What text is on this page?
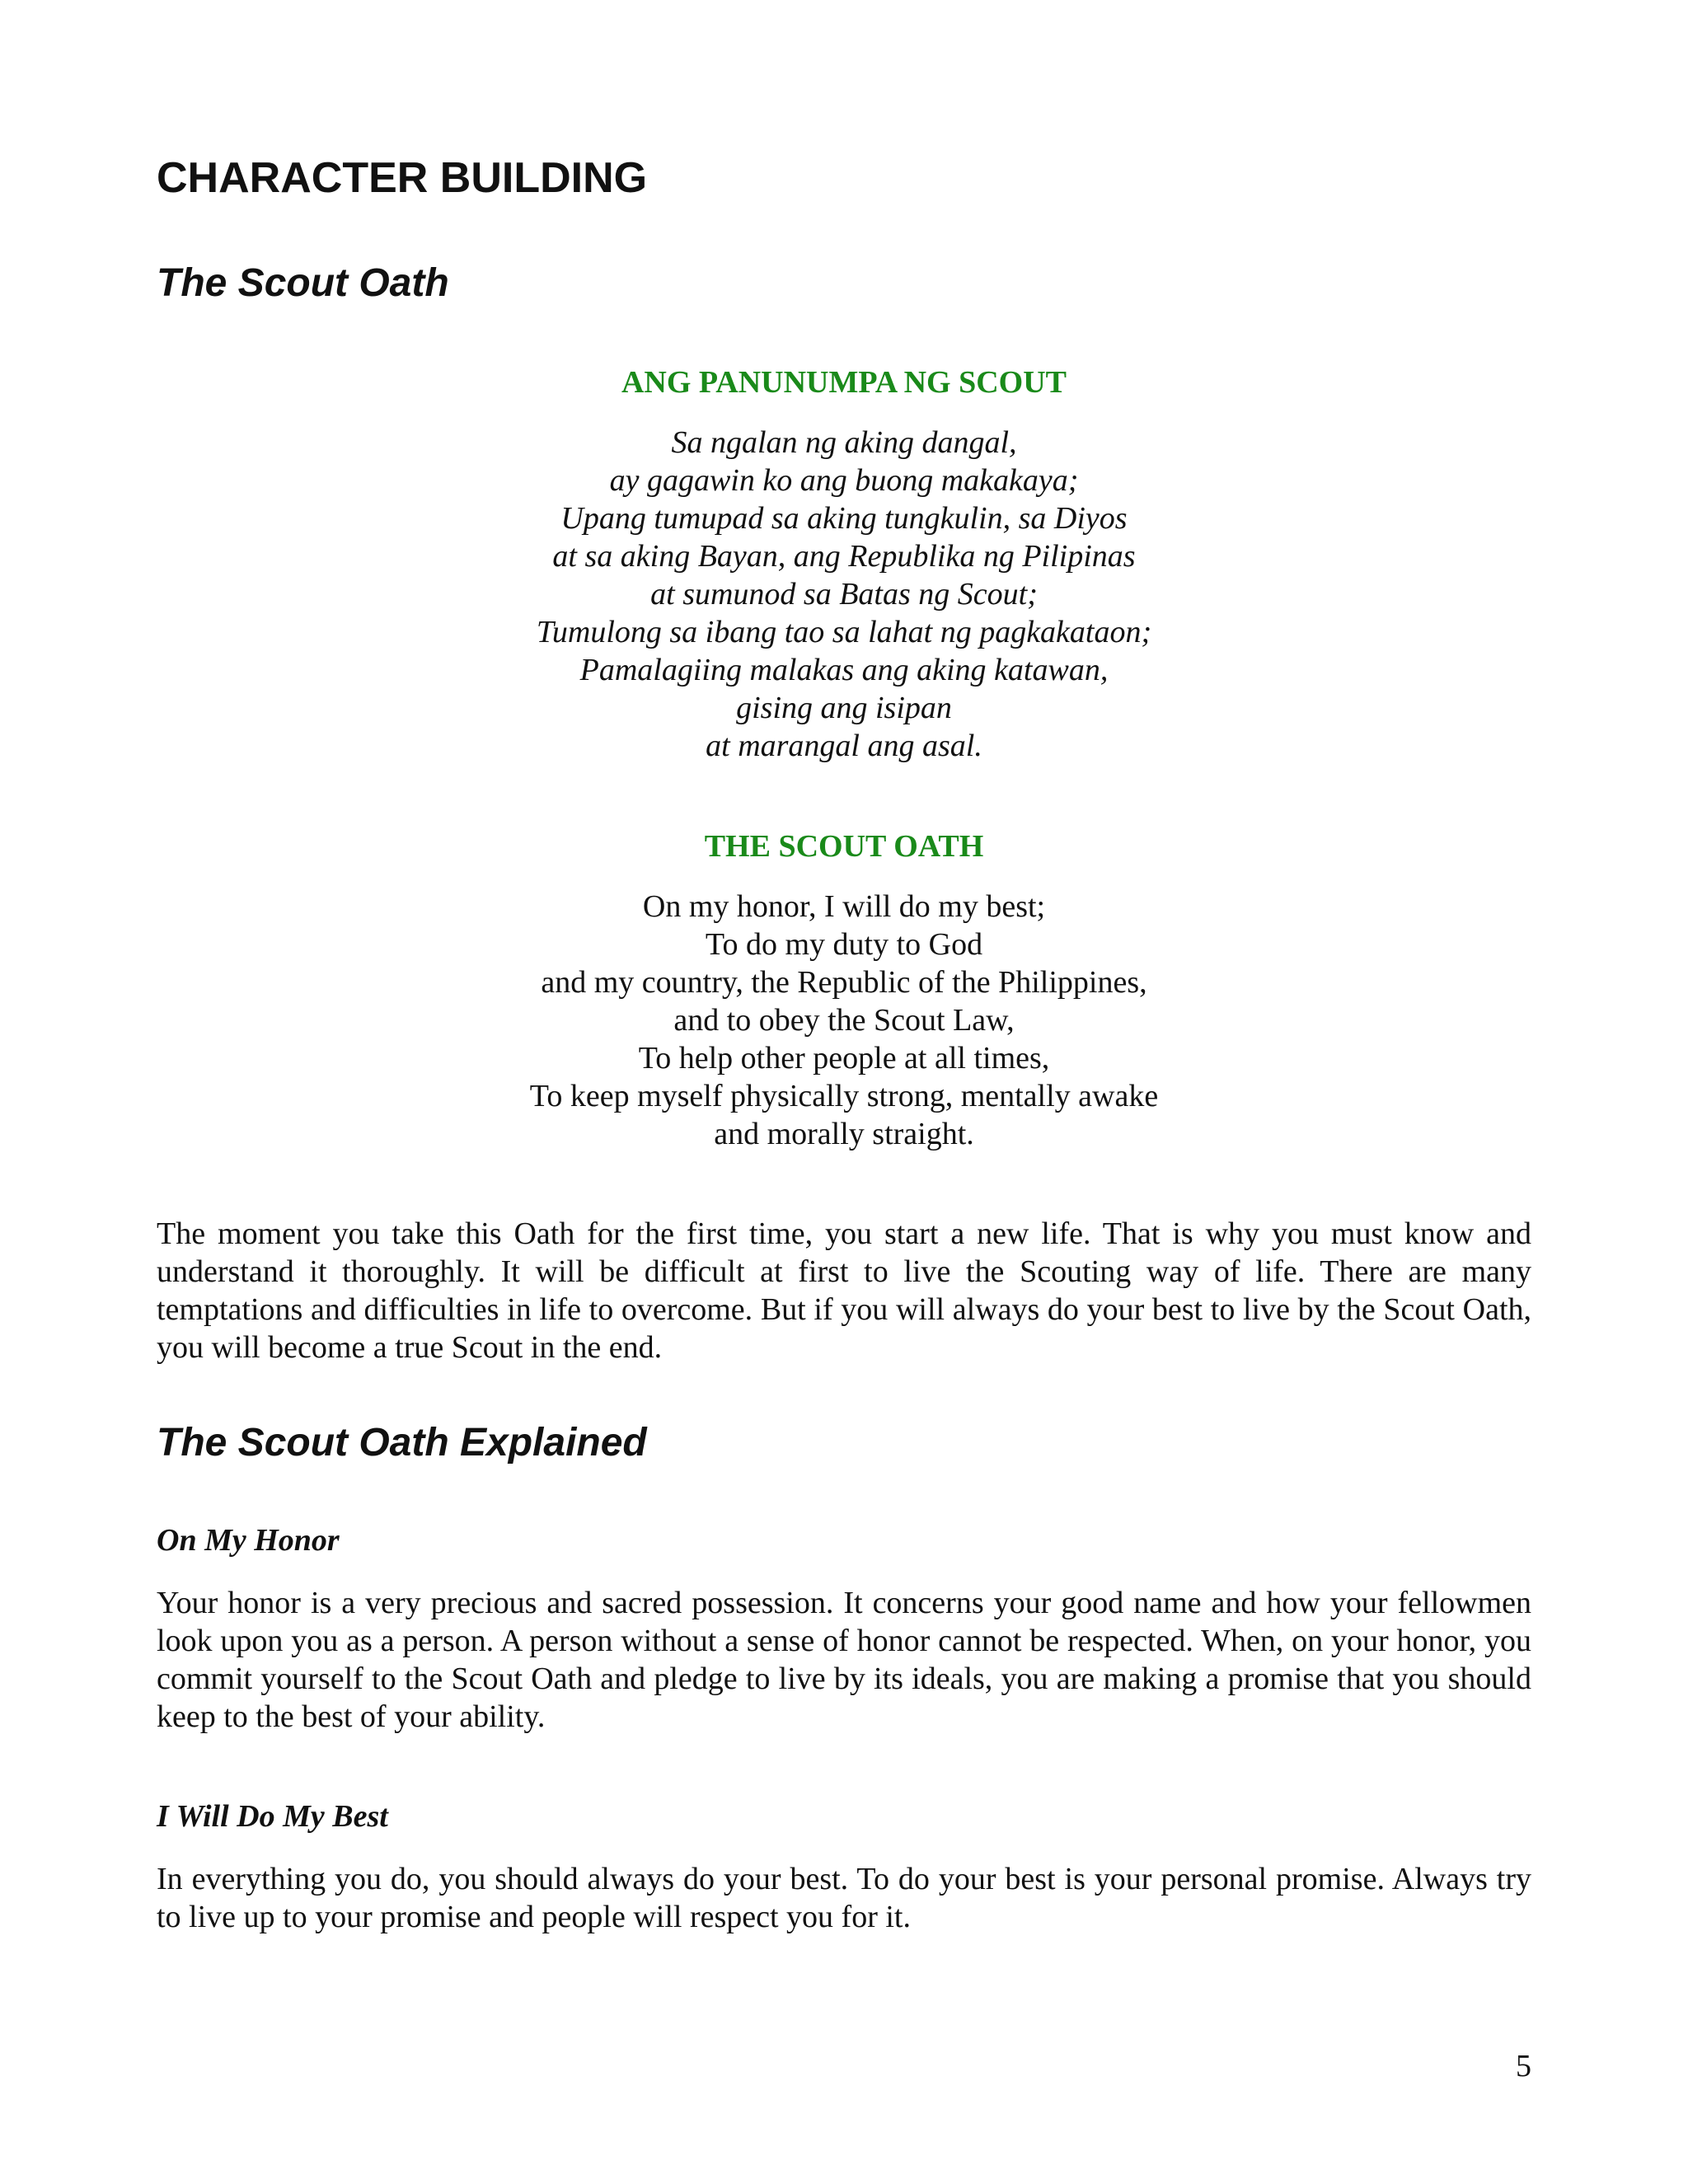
CHARACTER BUILDING
The Scout Oath
ANG PANUNUMPA NG SCOUT
Sa ngalan ng aking dangal,
ay gagawin ko ang buong makakaya;
Upang tumupad sa aking tungkulin, sa Diyos
at sa aking Bayan, ang Republika ng Pilipinas
at sumunod sa Batas ng Scout;
Tumulong sa ibang tao sa lahat ng pagkakataon;
Pamalagiing malakas ang aking katawan,
gising ang isipan
at marangal ang asal.
THE SCOUT OATH
On my honor, I will do my best;
To do my duty to God
and my country, the Republic of the Philippines,
and to obey the Scout Law,
To help other people at all times,
To keep myself physically strong, mentally awake
and morally straight.

The moment you take this Oath for the first time, you start a new life. That is why you must know and understand it thoroughly. It will be difficult at first to live the Scouting way of life. There are many temptations and difficulties in life to overcome. But if you will always do your best to live by the Scout Oath, you will become a true Scout in the end.

The Scout Oath Explained
On My Honor

Your honor is a very precious and sacred possession. It concerns your good name and how your fellowmen look upon you as a person. A person without a sense of honor cannot be respected. When, on your honor, you commit yourself to the Scout Oath and pledge to live by its ideals, you are making a promise that you should keep to the best of your ability.

I Will Do My Best

In everything you do, you should always do your best. To do your best is your personal promise. Always try to live up to your promise and people will respect you for it.

5
